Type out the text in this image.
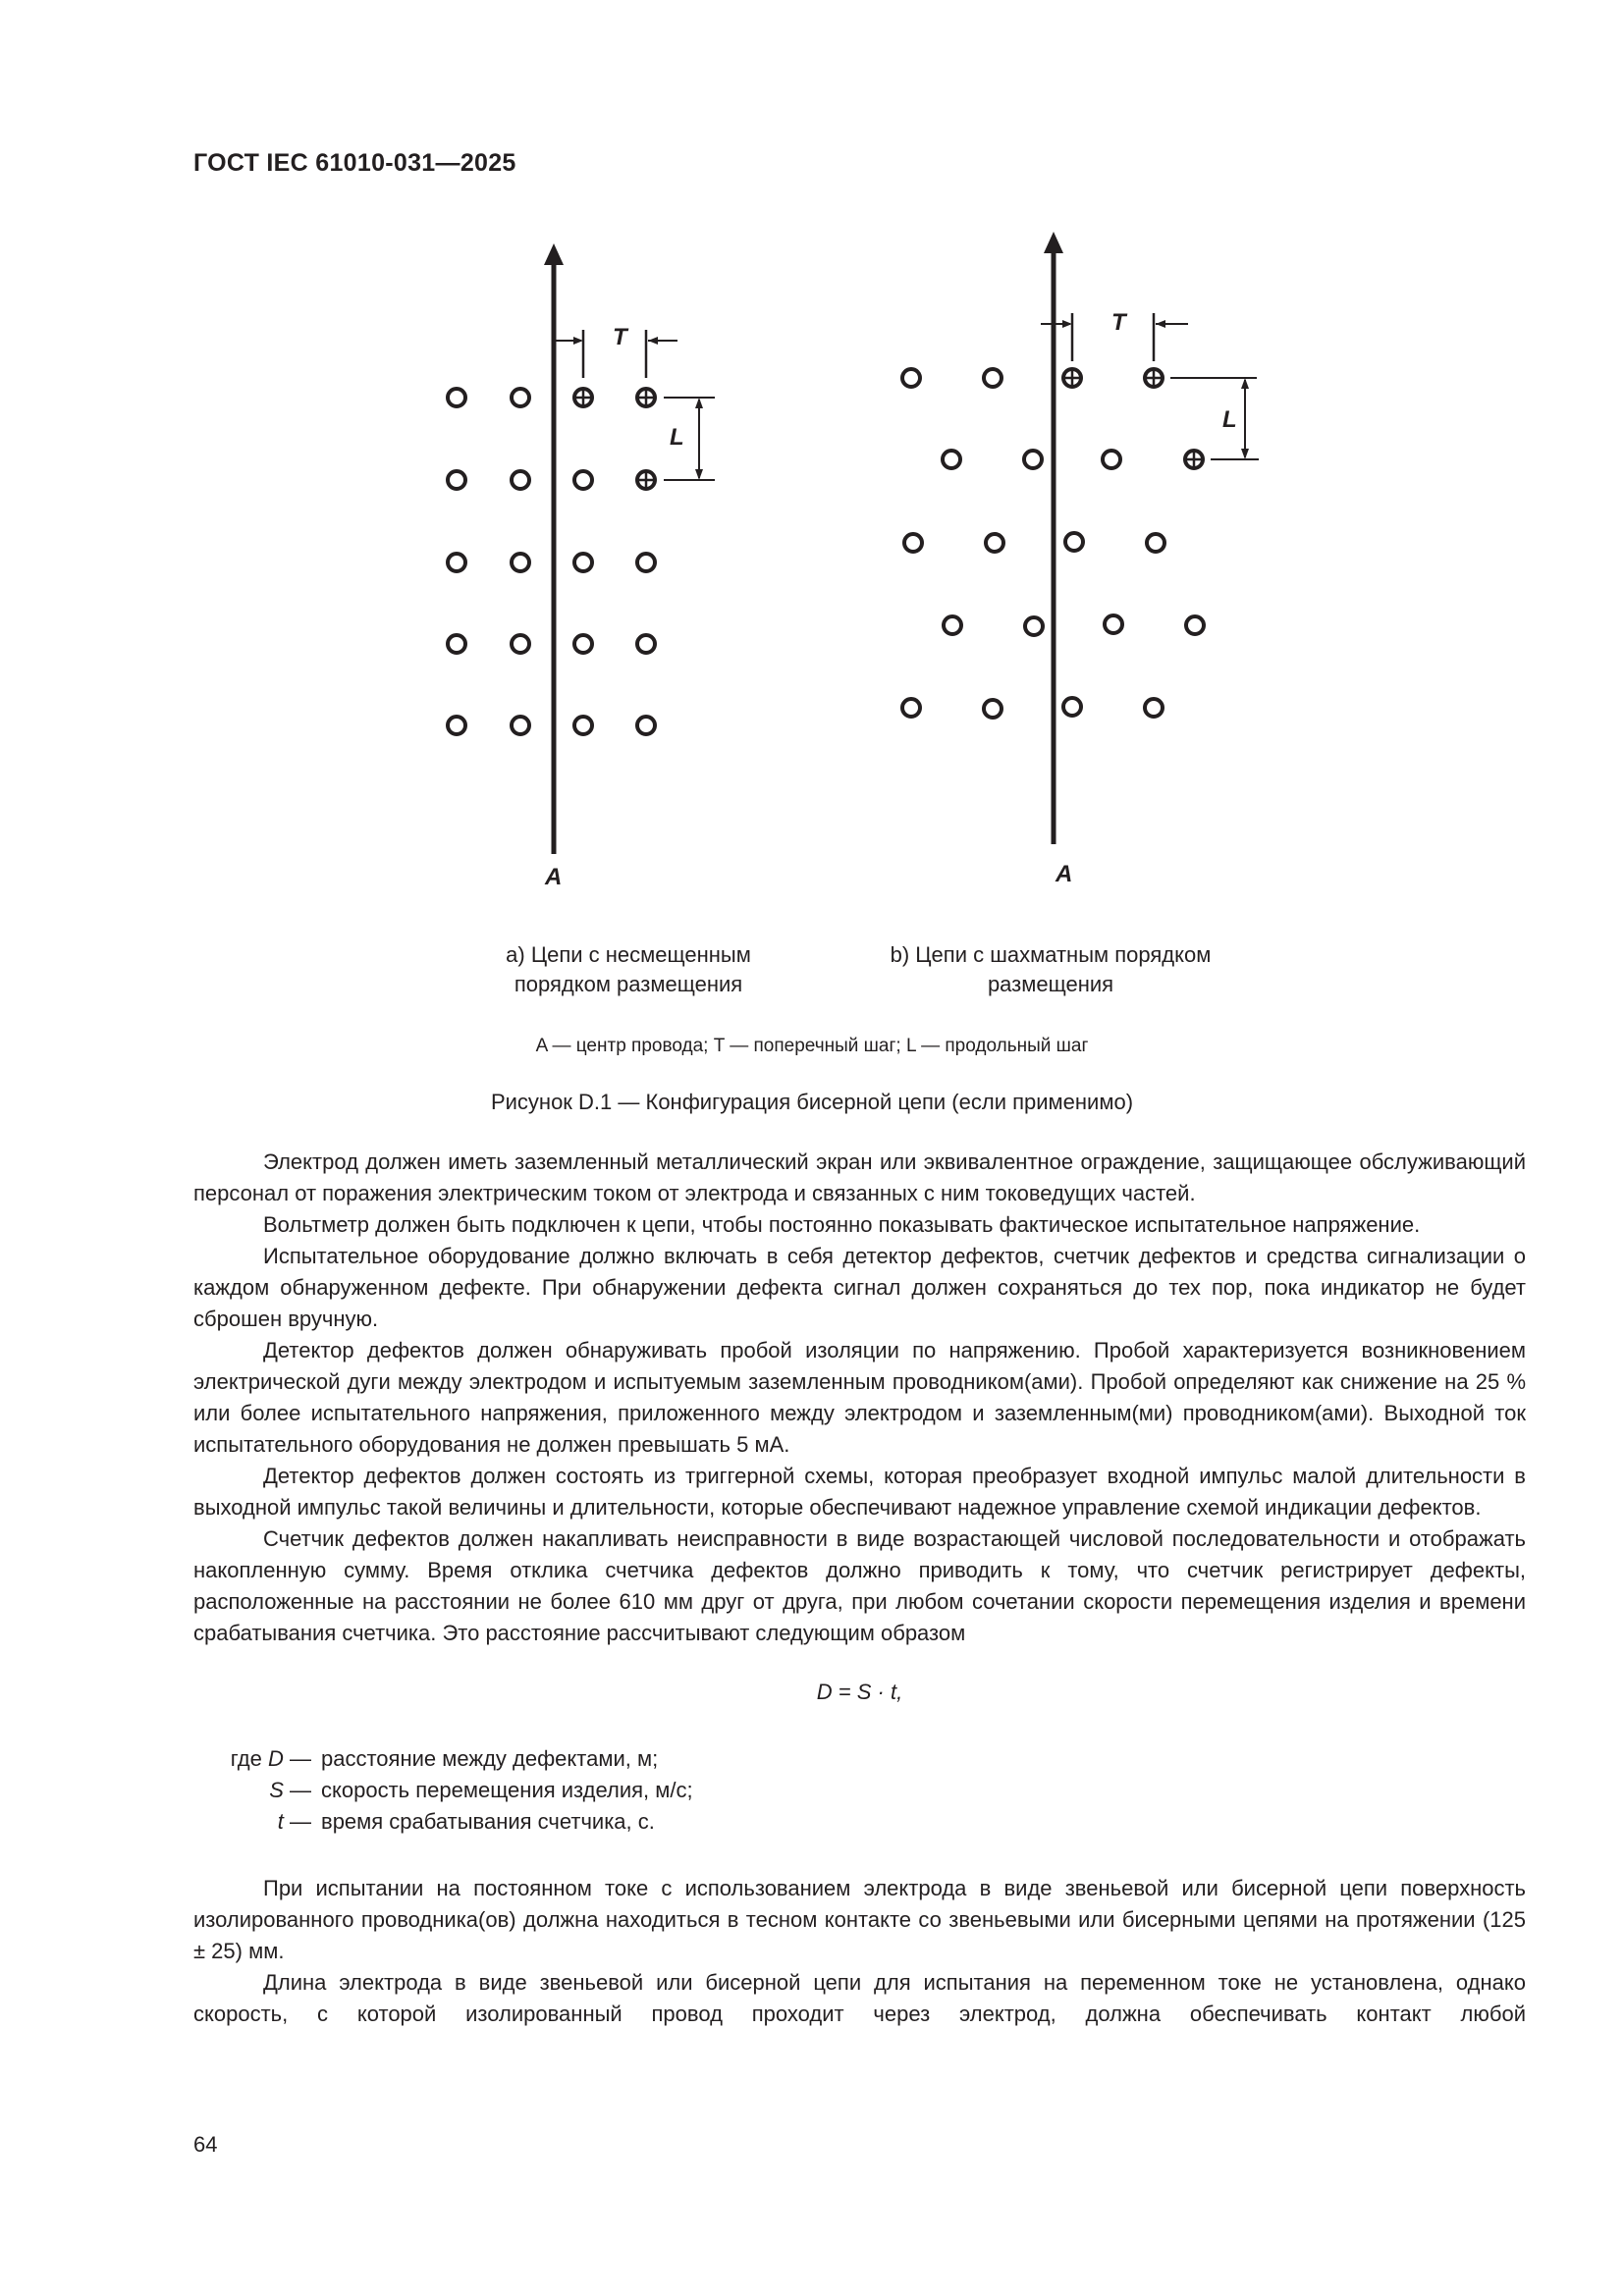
ГОСТ IEC 61010-031—2025
T
L
A
T
L
A
a) Цепи с несмещенным
порядком размещения
b) Цепи с шахматным порядком
размещения
A — центр провода; T — поперечный шаг; L — продольный шаг
Рисунок D.1 — Конфигурация бисерной цепи (если применимо)

Электрод должен иметь заземленный металлический экран или эквивалентное ограждение, защищающее обслуживающий персонал от поражения электрическим током от электрода и связанных с ним токоведущих частей.

Вольтметр должен быть подключен к цепи, чтобы постоянно показывать фактическое испытательное напряжение.

Испытательное оборудование должно включать в себя детектор дефектов, счетчик дефектов и средства сигнализации о каждом обнаруженном дефекте. При обнаружении дефекта сигнал должен сохраняться до тех пор, пока индикатор не будет сброшен вручную.

Детектор дефектов должен обнаруживать пробой изоляции по напряжению. Пробой характеризуется возникновением электрической дуги между электродом и испытуемым заземленным проводником(ами). Пробой определяют как снижение на 25 % или более испытательного напряжения, приложенного между электродом и заземленным(ми) проводником(ами). Выходной ток испытательного оборудования не должен превышать 5 мА.

Детектор дефектов должен состоять из триггерной схемы, которая преобразует входной импульс малой длительности в выходной импульс такой величины и длительности, которые обеспечивают надежное управление схемой индикации дефектов.

Счетчик дефектов должен накапливать неисправности в виде возрастающей числовой последовательности и отображать накопленную сумму. Время отклика счетчика дефектов должно приводить к тому, что счетчик регистрирует дефекты, расположенные на расстоянии не более 610 мм друг от друга, при любом сочетании скорости перемещения изделия и времени срабатывания счетчика. Это расстояние рассчитывают следующим образом

D = S · t,
где D — расстояние между дефектами, м;
S — скорость перемещения изделия, м/с;
t — время срабатывания счетчика, с.

При испытании на постоянном токе с использованием электрода в виде звеньевой или бисерной цепи поверхность изолированного проводника(ов) должна находиться в тесном контакте со звеньевыми или бисерными цепями на протяжении (125 ± 25) мм.

Длина электрода в виде звеньевой или бисерной цепи для испытания на переменном токе не установлена, однако скорость, с которой изолированный провод проходит через электрод, должна обеспечивать контакт любой

64
